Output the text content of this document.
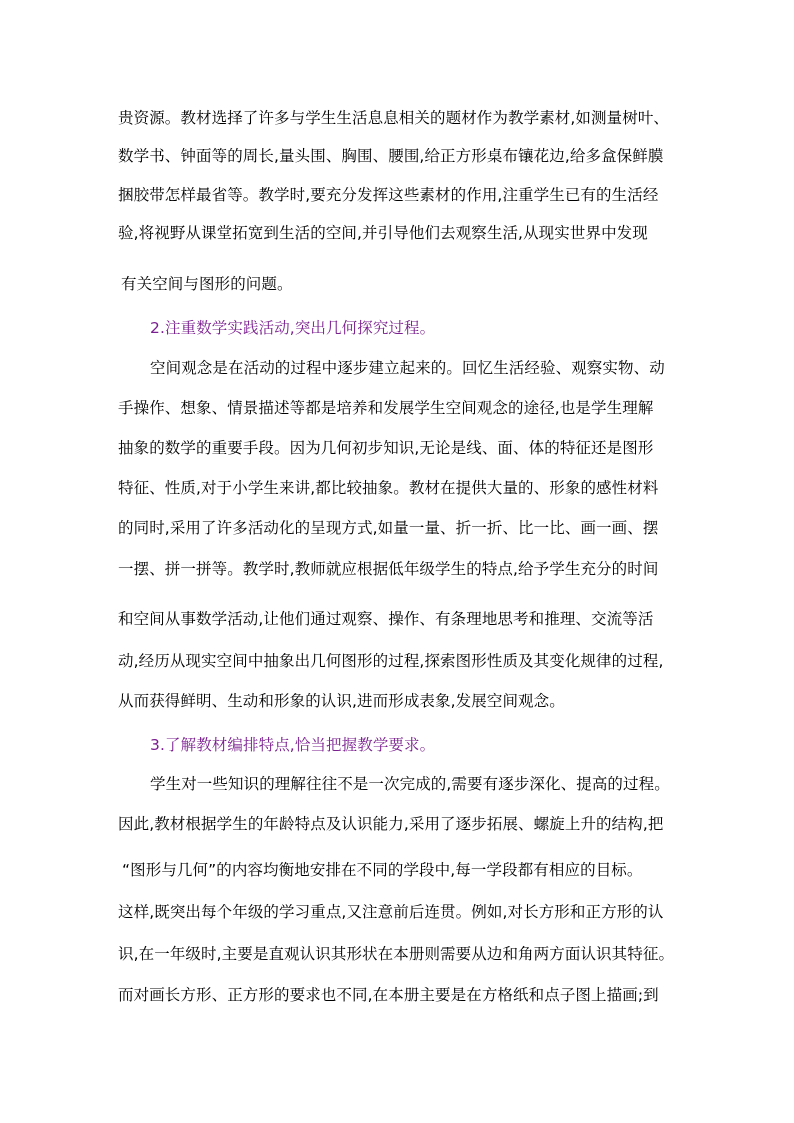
贵资源。教材选择了许多与学生生活息息相关的题材作为教学素材,如测量树叶、
数学书、钟面等的周长,量头围、胸围、腰围,给正方形桌布镶花边,给多盒保鲜膜
捆胶带怎样最省等。教学时,要充分发挥这些素材的作用,注重学生已有的生活经
验,将视野从课堂拓宽到生活的空间,并引导他们去观察生活,从现实世界中发现
有关空间与图形的问题。
2.注重数学实践活动,突出几何探究过程。
空间观念是在活动的过程中逐步建立起来的。回忆生活经验、观察实物、动
手操作、想象、情景描述等都是培养和发展学生空间观念的途径,也是学生理解
抽象的数学的重要手段。因为几何初步知识,无论是线、面、体的特征还是图形
特征、性质,对于小学生来讲,都比较抽象。教材在提供大量的、形象的感性材料
的同时,采用了许多活动化的呈现方式,如量一量、折一折、比一比、画一画、摆
一摆、拼一拼等。教学时,教师就应根据低年级学生的特点,给予学生充分的时间
和空间从事数学活动,让他们通过观察、操作、有条理地思考和推理、交流等活
动,经历从现实空间中抽象出几何图形的过程,探索图形性质及其变化规律的过程,
从而获得鲜明、生动和形象的认识,进而形成表象,发展空间观念。
3.了解教材编排特点,恰当把握教学要求。
学生对一些知识的理解往往不是一次完成的,需要有逐步深化、提高的过程。
因此,教材根据学生的年龄特点及认识能力,采用了逐步拓展、螺旋上升的结构,把
“图形与几何”的内容均衡地安排在不同的学段中,每一学段都有相应的目标。
这样,既突出每个年级的学习重点,又注意前后连贯。例如,对长方形和正方形的认
识,在一年级时,主要是直观认识其形状在本册则需要从边和角两方面认识其特征。
而对画长方形、正方形的要求也不同,在本册主要是在方格纸和点子图上描画;到
